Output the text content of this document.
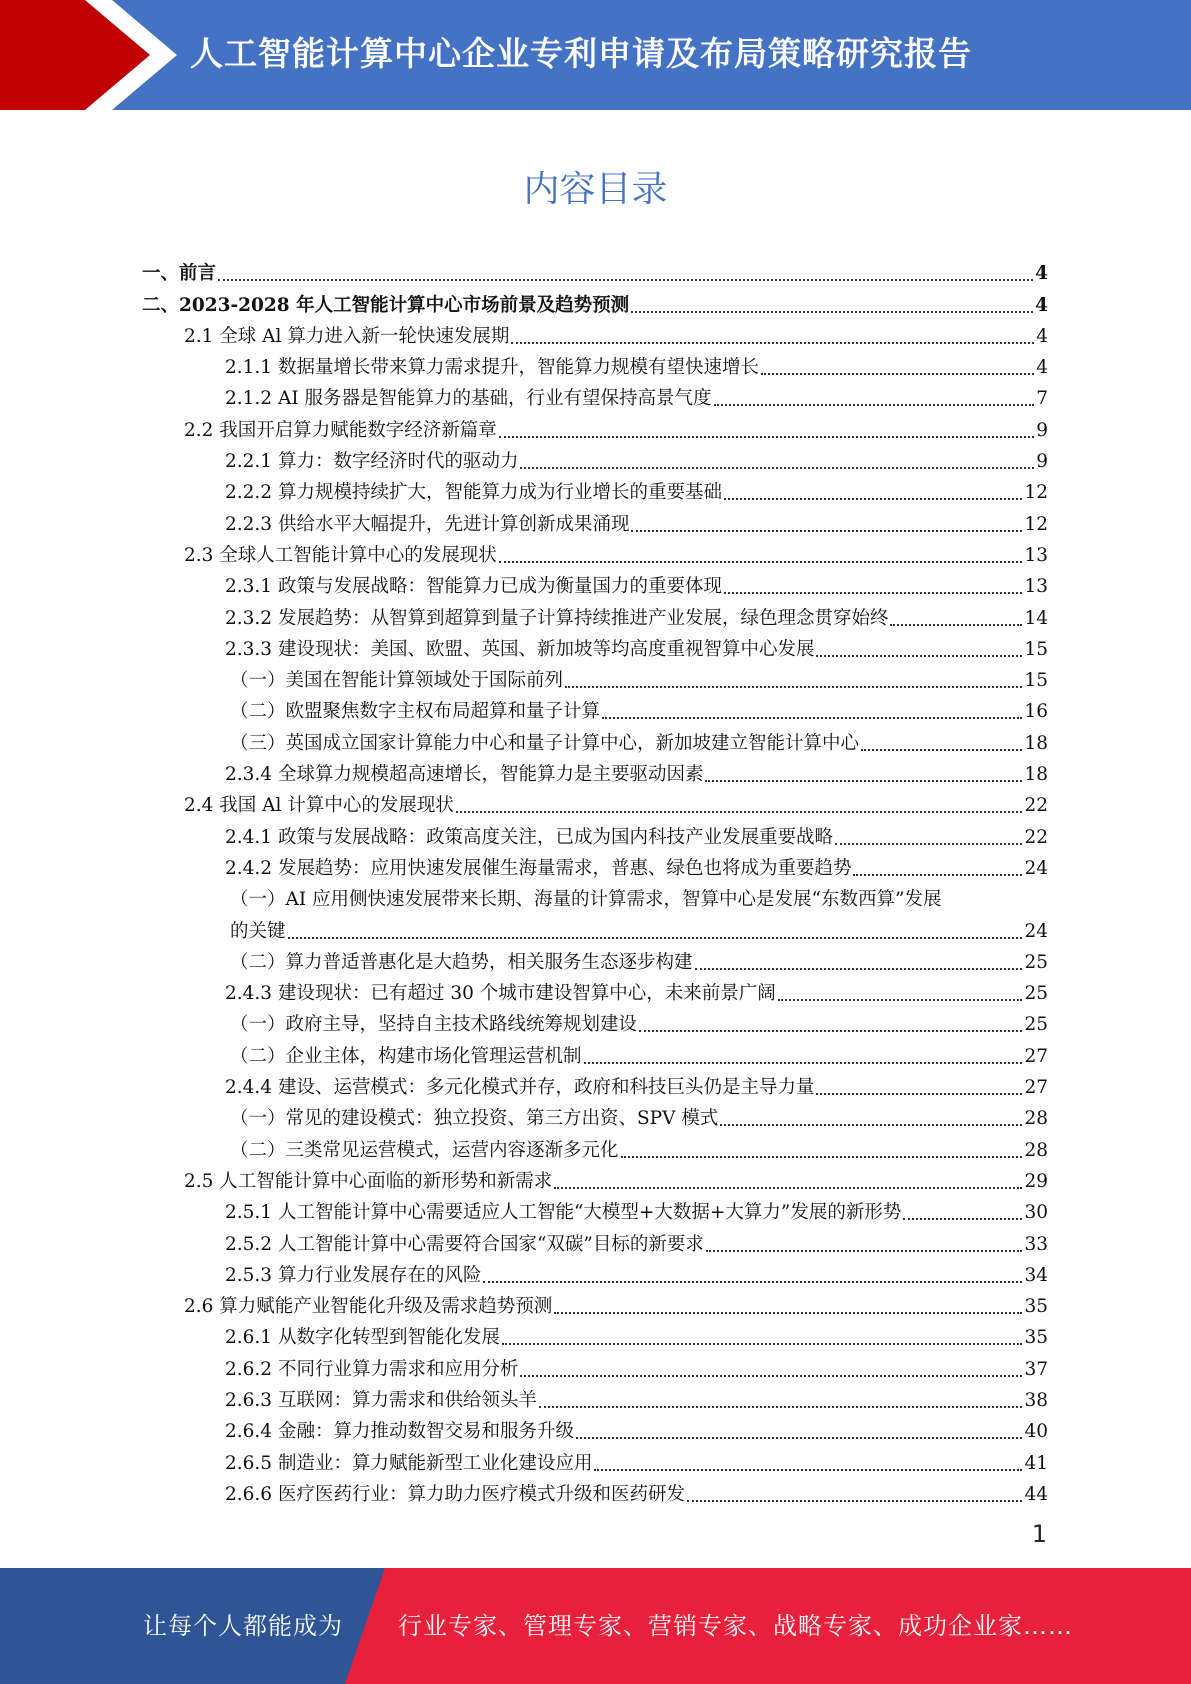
人工智能计算中心企业专利申请及布局策略研究报告
内容目录
一、前言	4
二、2023-2028 年人工智能计算中心市场前景及趋势预测	4
2.1 全球 Al 算力进入新一轮快速发展期	4
2.1.1 数据量增长带来算力需求提升，智能算力规模有望快速增长	4
2.1.2 AI 服务器是智能算力的基础，行业有望保持高景气度	7
2.2 我国开启算力赋能数字经济新篇章	9
2.2.1 算力：数字经济时代的驱动力	9
2.2.2 算力规模持续扩大，智能算力成为行业增长的重要基础	12
2.2.3 供给水平大幅提升，先进计算创新成果涌现	12
2.3 全球人工智能计算中心的发展现状	13
2.3.1 政策与发展战略：智能算力已成为衡量国力的重要体现	13
2.3.2 发展趋势：从智算到超算到量子计算持续推进产业发展，绿色理念贯穿始终	14
2.3.3 建设现状：美国、欧盟、英国、新加坡等均高度重视智算中心发展	15
（一）美国在智能计算领域处于国际前列	15
（二）欧盟聚焦数字主权布局超算和量子计算	16
（三）英国成立国家计算能力中心和量子计算中心，新加坡建立智能计算中心	18
2.3.4 全球算力规模超高速增长，智能算力是主要驱动因素	18
2.4 我国 Al 计算中心的发展现状	22
2.4.1 政策与发展战略：政策高度关注，已成为国内科技产业发展重要战略	22
2.4.2 发展趋势：应用快速发展催生海量需求，普惠、绿色也将成为重要趋势	24
（一）AI 应用侧快速发展带来长期、海量的计算需求，智算中心是发展“东数西算”发展
的关键	24
（二）算力普适普惠化是大趋势，相关服务生态逐步构建	25
2.4.3 建设现状：已有超过 30 个城市建设智算中心，未来前景广阔	25
（一）政府主导，坚持自主技术路线统筹规划建设	25
（二）企业主体，构建市场化管理运营机制	27
2.4.4 建设、运营模式：多元化模式并存，政府和科技巨头仍是主导力量	27
（一）常见的建设模式：独立投资、第三方出资、SPV 模式	28
（二）三类常见运营模式，运营内容逐渐多元化	28
2.5 人工智能计算中心面临的新形势和新需求	29
2.5.1 人工智能计算中心需要适应人工智能“大模型+大数据+大算力”发展的新形势	30
2.5.2 人工智能计算中心需要符合国家“双碳”目标的新要求	33
2.5.3 算力行业发展存在的风险	34
2.6 算力赋能产业智能化升级及需求趋势预测	35
2.6.1 从数字化转型到智能化发展	35
2.6.2 不同行业算力需求和应用分析	37
2.6.3 互联网：算力需求和供给领头羊	38
2.6.4 金融：算力推动数智交易和服务升级	40
2.6.5 制造业：算力赋能新型工业化建设应用	41
2.6.6 医疗医药行业：算力助力医疗模式升级和医药研发	44
1
让每个人都能成为 行业专家、管理专家、营销专家、战略专家、成功企业家……
